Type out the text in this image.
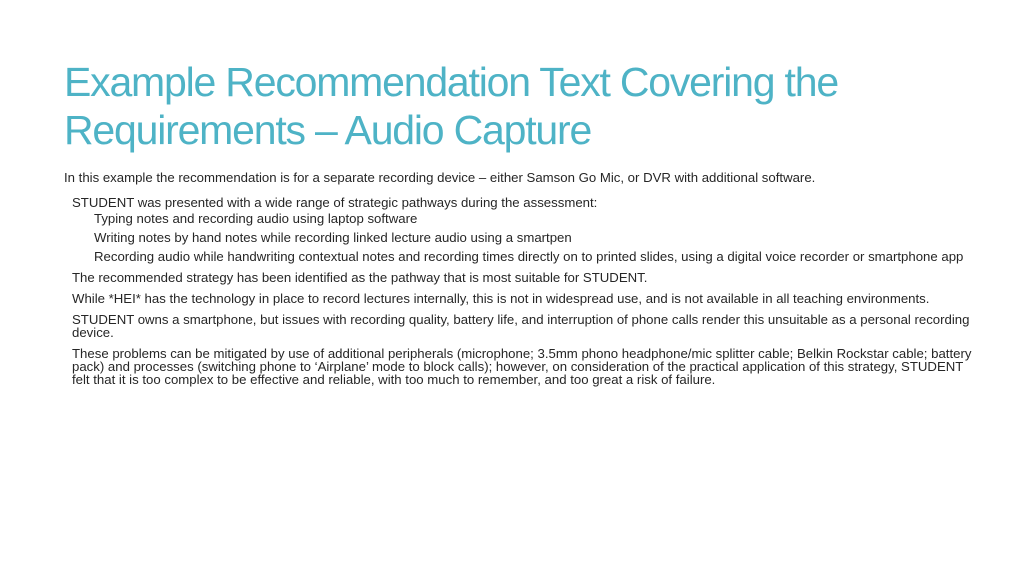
Example Recommendation Text Covering the
Requirements – Audio Capture
In this example the recommendation is for a separate recording device – either Samson Go Mic, or DVR with additional software.
STUDENT was presented with a wide range of strategic pathways during the assessment:
Typing notes and recording audio using laptop software
Writing notes by hand notes while recording linked lecture audio using a smartpen
Recording audio while handwriting contextual notes and recording times directly on to printed slides, using a digital voice recorder or smartphone app
The recommended strategy has been identified as the pathway that is most suitable for STUDENT.
While *HEI* has the technology in place to record lectures internally, this is not in widespread use, and is not available in all teaching environments.
STUDENT owns a smartphone, but issues with recording quality, battery life, and interruption of phone calls render this unsuitable as a personal recording device.
These problems can be mitigated by use of additional peripherals (microphone; 3.5mm phono headphone/mic splitter cable; Belkin Rockstar cable; battery pack) and processes (switching phone to ‘Airplane’ mode to block calls); however, on consideration of the practical application of this strategy, STUDENT felt that it is too complex to be effective and reliable, with too much to remember, and too great a risk of failure.
